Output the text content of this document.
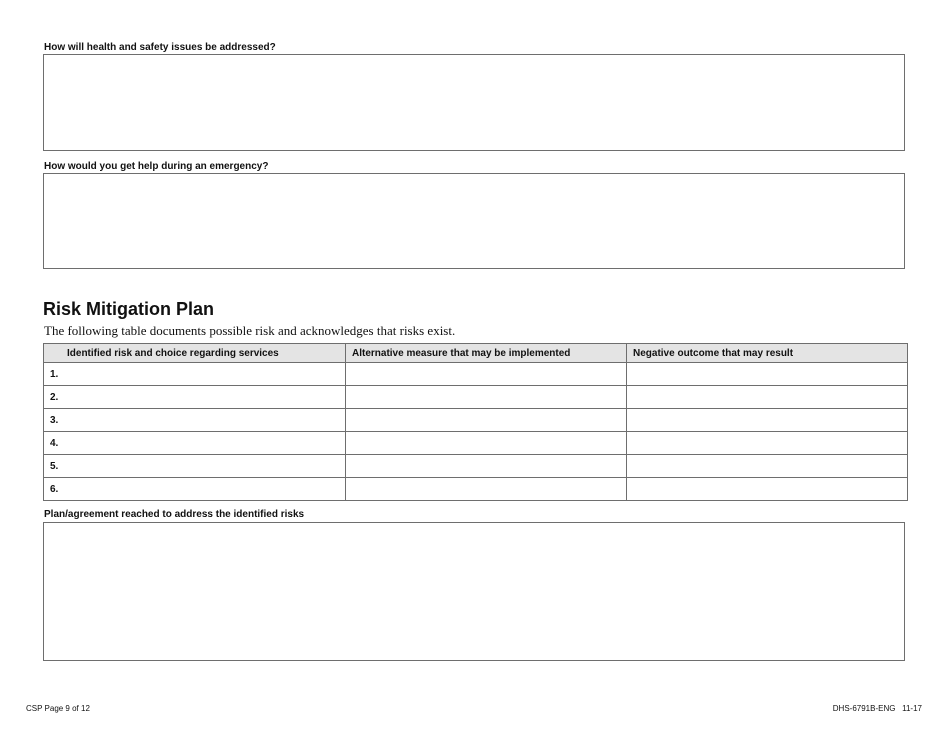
How will health and safety issues be addressed?
How would you get help during an emergency?
Risk Mitigation Plan
The following table documents possible risk and acknowledges that risks exist.
Identified risk and choice regarding services	Alternative measure that may be implemented	Negative outcome that may result
1.		
2.		
3.		
4.		
5.		
6.		
Plan/agreement reached to address the identified risks
CSP Page 9 of 12	DHS-6791B-ENG   11-17
